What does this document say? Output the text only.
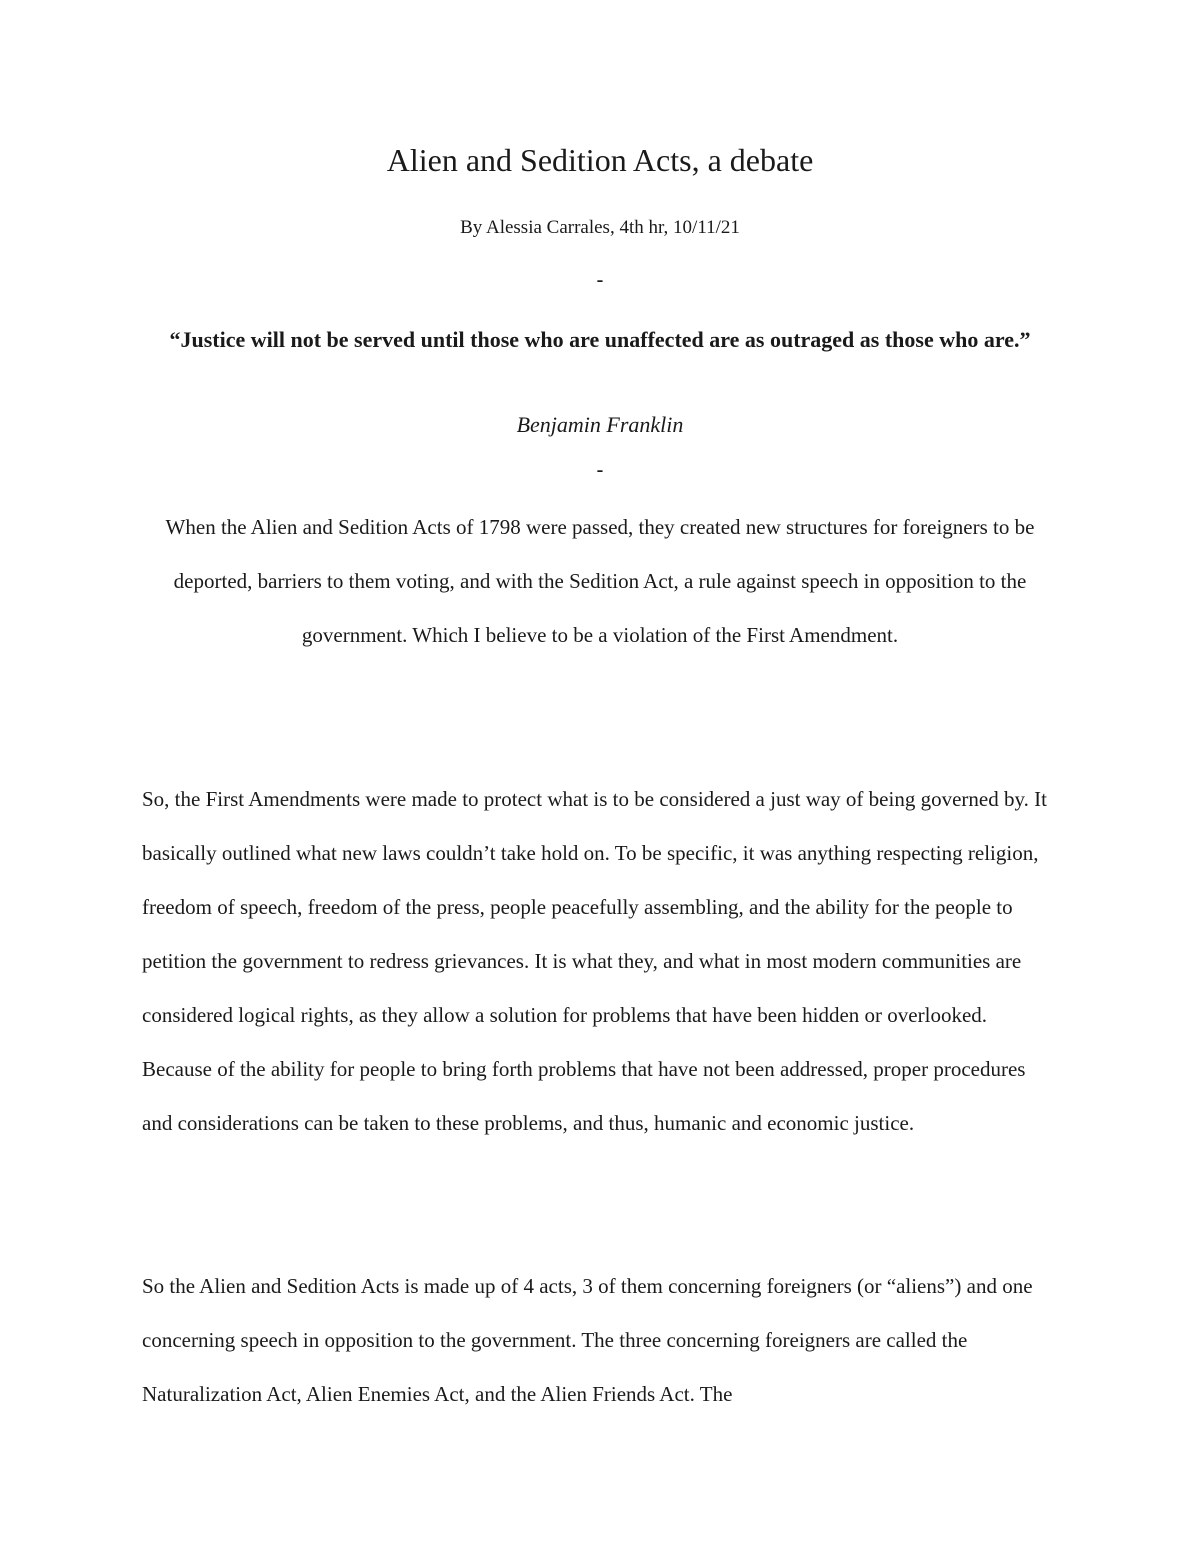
Alien and Sedition Acts, a debate

By Alessia Carrales, 4th hr, 10/11/21

-

“Justice will not be served until those who are unaffected are as outraged as those who are.”

Benjamin Franklin

-

When the Alien and Sedition Acts of 1798 were passed, they created new structures for foreigners to be deported, barriers to them voting, and with the Sedition Act, a rule against speech in opposition to the government. Which I believe to be a violation of the First Amendment.

So, the First Amendments were made to protect what is to be considered a just way of being governed by. It basically outlined what new laws couldn’t take hold on. To be specific, it was anything respecting religion, freedom of speech, freedom of the press, people peacefully assembling, and the ability for the people to petition the government to redress grievances. It is what they, and what in most modern communities are considered logical rights, as they allow a solution for problems that have been hidden or overlooked. Because of the ability for people to bring forth problems that have not been addressed, proper procedures and considerations can be taken to these problems, and thus, humanic and economic justice.

So the Alien and Sedition Acts is made up of 4 acts, 3 of them concerning foreigners (or “aliens”) and one concerning speech in opposition to the government. The three concerning foreigners are called the Naturalization Act, Alien Enemies Act, and the Alien Friends Act. The
